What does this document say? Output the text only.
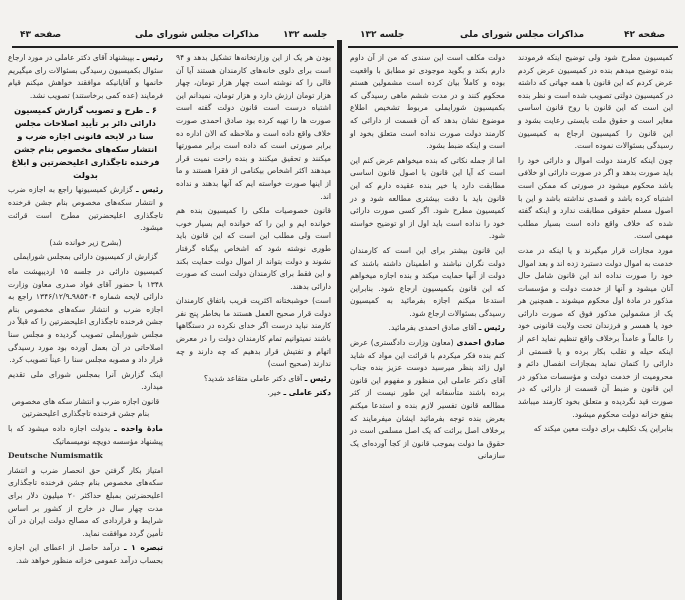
صفحه ۴۳	مذاکرات مجلس شورای ملی	جلسه ۱۳۲

رئیس ـ بپیشنهاد آقای دکتر عاملی در مورد ارجاع سئوال بکمیسیون رسیدگی بسئوالات رای میگیریم خانمها و آقایانیکه موافقند خواهش میکنم قیام فرمایند (عده کمی برخاستند) تصویب نشد.

۶ ـ طرح و تصویب گزارش کمیسیون دارائی دائر بر تأیید اصلاحات مجلس سنا در لایحه قانونی اجازه ضرب و انتشار سکه‌های مخصوص بنام جشن فرخنده تاجگذاری اعلیحضرتین و ابلاغ بدولت

رئیس ـ گزارش کمیسیونها راجع به اجازه ضرب و انتشار سکه‌های مخصوص بنام جشن فرخنده تاجگذاری اعلیحضرتین مطرح است قرائت میشود.

(بشرح زیر خوانده شد)

گزارش از کمیسیون دارائی بمجلس شورایملی

کمیسیون دارائی در جلسه ۱۵ اردیبهشت ماه ۱۳۴۸ با حضور آقای فواد صدری معاون وزارت دارائی لایحه شماره ۹۸۵۴۰۴ـ۱۳۴۶/۱۲/۹ راجع به اجازه ضرب و انتشار سکه‌های مخصوص بنام جشن فرخنده تاجگذاری اعلیحضرتین را که قبلاً در مجلس شورایملی تصویب گردیده و مجلس سنا اصلاحاتی در آن بعمل آورده بود مورد رسیدگی قرار داد و مصوبه مجلس سنا را عیناً تصویب کرد.

اینک گزارش آنرا بمجلس شورای ملی تقدیم میدارد.

قانون اجازه ضرب و انتشار سکه های مخصوص بنام جشن فرخنده تاجگذاری اعلیحضرتین

مادهٔ واحده ـ بدولت اجازه داده میشود که با پیشنهاد مؤسسه دویچه نومیسماتیک

Deutsche Numismatik

امتیاز بکار گرفتن حق انحصار ضرب و انتشار سکه‌های مخصوص بنام جشن فرخنده تاجگذاری اعلیحضرتین بمبلغ حداکثر ۲۰ میلیون دلار برای مدت چهار سال در خارج از کشور بر اساس شرایط و قراردادی که مصالح دولت ایران در آن تأمین گردد موافقت نماید.

تبصره ۱ ـ درآمد حاصل از اعطای این اجازه بحساب درآمد عمومی خزانه منظور خواهد شد.

بودن هر یک از این وزارتخانه‌ها تشکیل بدهد و ۹۴ است برای دلوی خانه‌های کارمندان هستند آیا آن قالی را که نوشته است چهار هزار تومان، چهار هزار تومان ارزش دارد و هزار تومان، نمیدانم این اشتباه درست است قانون دولت گفته است صورت ها را تهیه کرده بود صادق احمدی صورت خلاف واقع داده است و ملاحظه که الان اداره ده برابر صورتی است که داده است برابر مصورتها میکنند و تحقیق میکنند و بنده راحت نمیت قرار میدهند اکثر اشخاص بیکنامی از فقرا هستند و ما از اینها صورت خواسته ایم که آنها بدهند و نداده اند.

قانون خصوصیات ملکی را کمیسیون بنده هم خوانده ایم و این را که خوانده ایم بسیار خوب است ولی مطلب این است که این قانون باید طوری نوشته شود که اشخاص بیگناه گرفتار نشوند و دولت بتواند از اموال دولت حمایت بکند و این فقط برای کارمندان دولت است که صورت دارائی بدهند.

است) خوشبختانه اکثریت قریب باتفاق کارمندان دولت قرار صحیح العمل هستند ما بخاطر پنج نفر کارمند نباید درست اگر خدای نکرده در دستگاهها باشند نمیتوانیم تمام کارمندان دولت را در معرض اتهام و تفتیش قرار بدهیم که چه دارند و چه ندارند (صحیح است)

رئیس ـ آقای دکتر عاملی متقاعد شدید؟

دکتر عاملی ـ خیر.

جلسه ۱۳۲	مذاکرات مجلس شورای ملی	صفحه ۴۲

دولت مکلف است این سندی که من از آن داوم دارم بکند و بگوید موجودی تو مطابق با واقعیت بوده و کاملاً بیان کرده است مشمولین هستم محکوم کنند و در مدت ششم ماهی رسیدگی که بکمیسیون شورایملی مربوط تشخیص اطلاع موضوع نشان بدهد که آن قسمت از دارائی که کارمند دولت صورت نداده است متعلق بخود او است و اینکه ضبط بشود.

اما از جمله نکاتی که بنده میخواهم عرض کنم این است که آیا این قانون با اصول قانون اساسی مطابقت دارد یا خیر بنده عقیده دارم که این قانون باید با دقت بیشتری مطالعه شود و در کمیسیون مطرح شود. اگر کسی صورت دارائی خود را نداده است باید اول از او توضیح خواسته شود.

این قانون بیشتر برای این است که کارمندان دولت نگران نباشند و اطمینان داشته باشند که دولت از آنها حمایت میکند و بنده اجازه میخواهم که این قانون بکمیسیون ارجاع شود. بنابراین استدعا میکنم اجازه بفرمائید به کمیسیون رسیدگی بسئوالات ارجاع شود.

رئیس ـ آقای صادق احمدی بفرمائید.

صادق احمدی (معاون وزارت دادگستری) عرض کنم بنده فکر میکردم با قرائت این مواد که شاید اول زائد بنظر میرسید دوست عزیز بنده جناب آقای دکتر عاملی این منظور و مفهوم این قانون برده باشند متأسفانه این طور نیست از کثر مطالعه قانون تفسیر لازم بنده و استدعا میکنم بعرض بنده توجه بفرمائید ایشان میفرمایند که برخلاف اصل برائت که یک اصل مسلمی است در حقوق ما دولت بموجب قانون از کجا آورده‌ای یک سازمانی

کمیسیون مطرح شود ولی توضیح اینکه فرمودند بنده توضیح میدهم بنده در کمیسیون عرض کردم عرض کردم که این قانون با همه جهاتی که داشته در کمیسیون دولتی تصویب شده است و نظر بنده این است که این قانون با روح قانون اساسی مغایر است و حقوق ملت بایستی رعایت بشود و این قانون را کمیسیون ارجاع به کمیسیون رسیدگی بسئوالات نموده است.

چون اینکه کارمند دولت اموال و دارائی خود را باید صورت بدهد و اگر در صورت دارائی او خلافی باشد محکوم میشود در صورتی که ممکن است اشتباه کرده باشد و قصدی نداشته باشد و این با اصول مسلم حقوقی مطابقت ندارد و اینکه گفته شده که خلاف واقع داده است بسیار مطلب مهمی است.

مورد مجازات قرار میگیرند و یا اینکه در مدت خدمت به اموال دولت دستبرد زده اند و بعد اموال خود را صورت نداده اند این قانون شامل حال آنان میشود و آنها از خدمت دولت و مؤسسات مذکور در مادهٔ اول محکوم میشوند ـ همچنین هر یک از مشمولین مذکور فوق که صورت دارائی خود یا همسر و فرزندان تحت ولایت قانونی خود را عالماً و عامداً برخلاف واقع تنظیم نماید اعم از اینکه حیله و تقلب بکار برده و یا قسمتی از دارائی را کتمان نماید بمجازات انفصال دائم و محرومیت از خدمت دولت و مؤسسات مذکور در این قانون و ضبط آن قسمت از دارائی که در صورت قید نگردیده و متعلق بخود کارمند میباشد بنفع خزانه دولت محکوم میشود.

بنابراین یک تکلیف برای دولت معین میکند که
